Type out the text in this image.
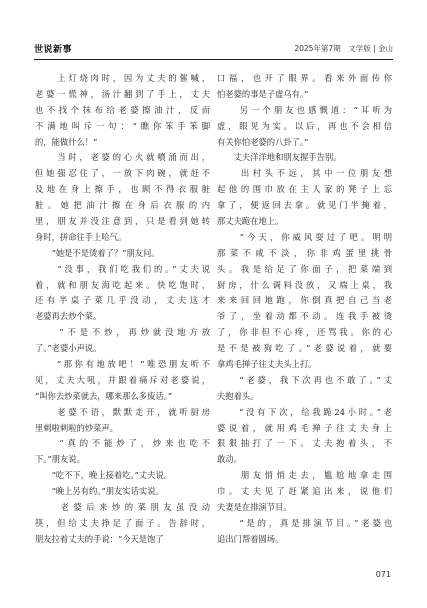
世说新事	2025年第7期　文学版 | 金山
　　上灯烧肉时，因为丈夫的催喊，
老婆一慌神，汤汁翻到了手上，丈夫
也不找个抹布给老婆擦油汁，反而
不满地叫斥一句：“瞧你笨手笨脚
的，能做什么！”
　　当时，老婆的心火就噴涌而出，
但她强忍住了，一放下肉碗，就赶不
及地在身上擦手，也顾不得衣服脏
脏。她把油汁擦在身后衣服的内
里，朋友并没注意到，只是看到她转
身时，拼命往手上哈气。
　　“她是不是烫着了？”朋友问。
　　“没事，我们吃我们的。”丈夫说
着，就和朋友海吃起来。快吃饱时，
还有半桌子菜几乎没动，丈夫这才
老婆再去炒个菜。
　　“不是不炒，再炒就没地方放
了。”老婆小声说。
　　“那你有地放吧！”唯恐朋友听不
见，丈夫大吼，并跟着痛斥对老婆说，
“叫你去炒菜就去，哪来那么多废话。”
　　老婆不语，默默走开，就听厨房
里刺啦刺啦的炒菜声。
　　“真的不能炒了，炒来也吃不
下。”朋友说。
　　“吃不下，晚上接着吃。”丈夫说。
　　“晚上另有约。”朋友实话实说。
　　老婆后来炒的菜朋友虽没动
筷，但给丈夫挣足了面子。告辞时，
朋友拉着丈夫的手说：“今天是饱了
口福，也开了眼界。看来外面传你
怕老婆的事是子虚乌有。”
　　另一个朋友也感慨道：“耳听为
虚，眼见为实。以后，再也不会相信
有关你怕老婆的八卦了。”
　　丈夫洋洋地和朋友握手告别。
　　出村头不远，其中一位朋友想
起他的围巾放在主人家的凳子上忘
拿了，便返回去拿。就见门半掩着，
那丈夫跪在地上。
　　“今天，你威风耍过了吧。明明
那菜不咸不淡，你非鸡蛋里挑骨
头。我是给足了你面子，把菜端到
厨房，什么调料没放，又端上桌，我
来来回回地跑，你倒真把自己当老
爷了，坐着动都不动。连我手被烫
了，你非但不心疼，还骂我。你的心
是不是被狗吃了。”老婆说着，就要
拿鸡毛掸子往丈夫头上打。
　　“老婆，我下次再也不敢了。”丈
夫抱着头。
　　“没有下次，给我跪24小时。”老
婆说着，就用鸡毛掸子往丈夫身上
狠狠抽打了一下。丈夫抱着头，不
敢动。
　　朋友悄悄走去，尴尬地拿走围
巾。丈夫见了赶紧追出来，说他们
夫妻是在排演节目。
　　“是的，真是排演节目。”老婆也
追出门帮着圆场。
071
